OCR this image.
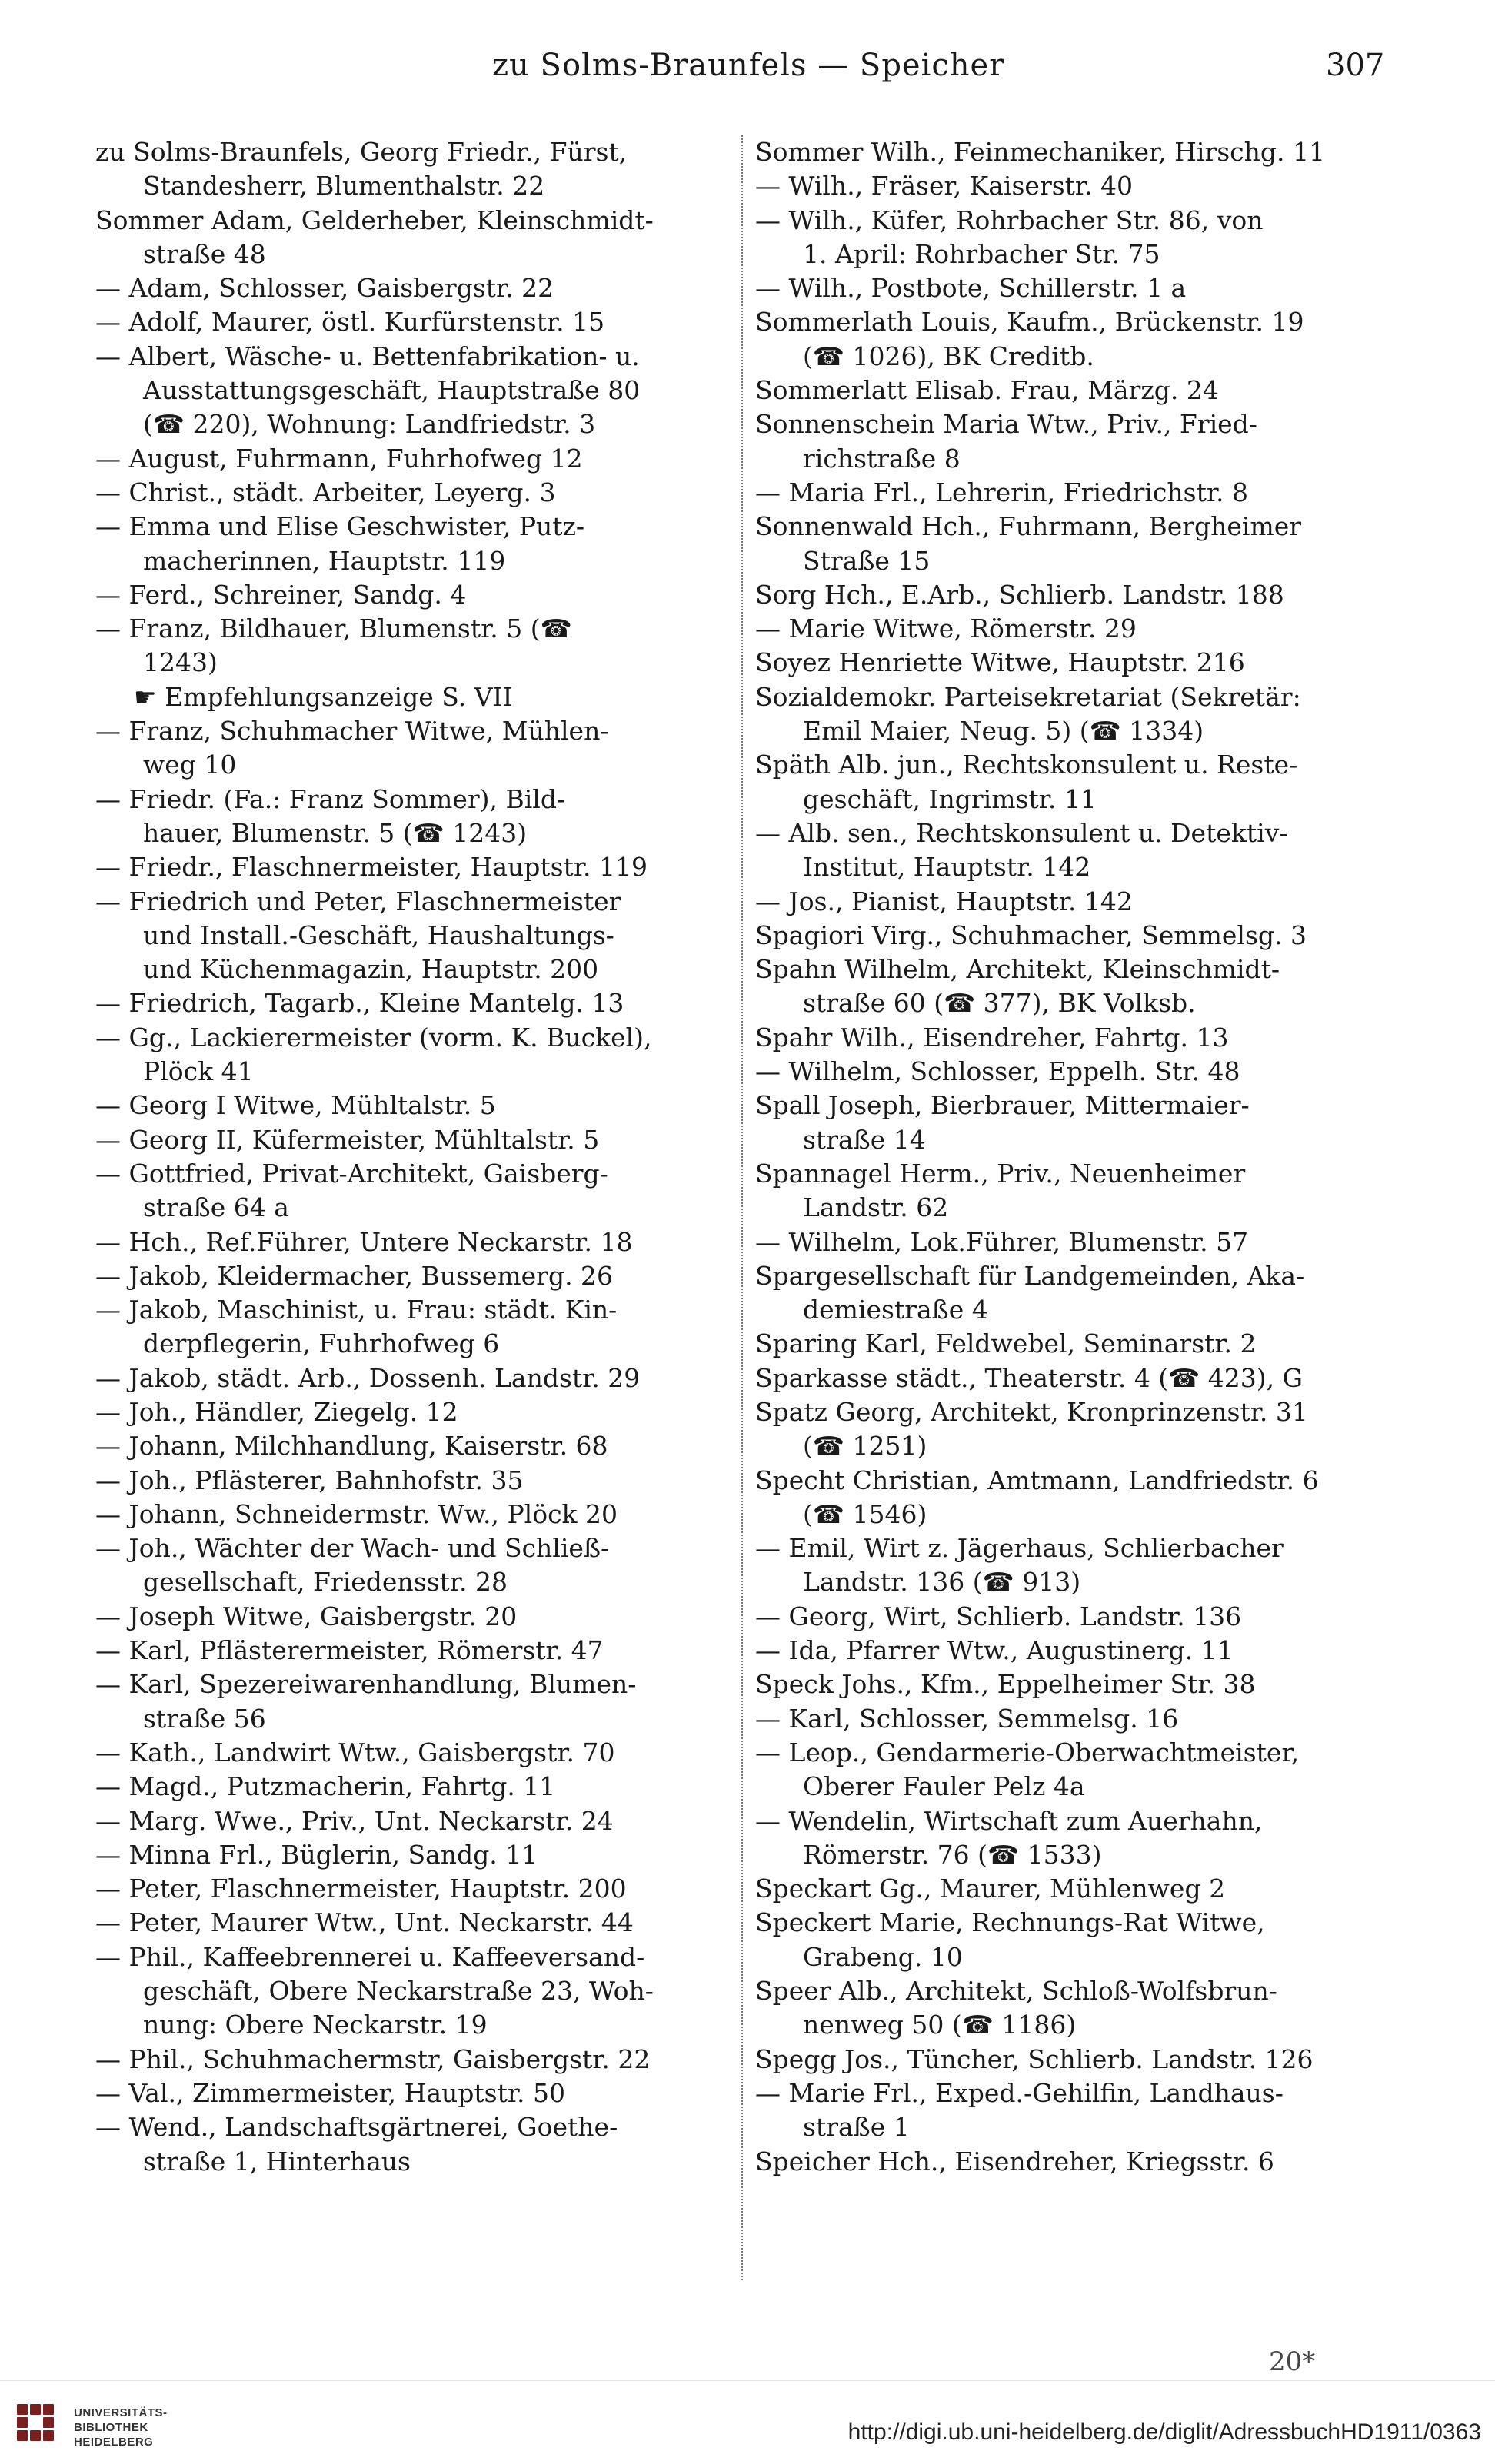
zu Solms-Braunfels — Speicher	307
zu Solms-Braunfels, Georg Friedr., Fürst,
Standesherr, Blumenthalstr. 22
Sommer Adam, Gelderheber, Kleinschmidt-
straße 48
— Adam, Schlosser, Gaisbergstr. 22
— Adolf, Maurer, östl. Kurfürstenstr. 15
— Albert, Wäsche- u. Bettenfabrikation- u.
Ausstattungsgeschäft, Hauptstraße 80
(☎ 220), Wohnung: Landfriedstr. 3
— August, Fuhrmann, Fuhrhofweg 12
— Christ., städt. Arbeiter, Leyerg. 3
— Emma und Elise Geschwister, Putz-
macherinnen, Hauptstr. 119
— Ferd., Schreiner, Sandg. 4
— Franz, Bildhauer, Blumenstr. 5 (☎
1243)
☛ Empfehlungsanzeige S. VII
— Franz, Schuhmacher Witwe, Mühlen-
weg 10
— Friedr. (Fa.: Franz Sommer), Bild-
hauer, Blumenstr. 5 (☎ 1243)
— Friedr., Flaschnermeister, Hauptstr. 119
— Friedrich und Peter, Flaschnermeister
und Install.-Geschäft, Haushaltungs-
und Küchenmagazin, Hauptstr. 200
— Friedrich, Tagarb., Kleine Mantelg. 13
— Gg., Lackierermeister (vorm. K. Buckel),
Plöck 41
— Georg I Witwe, Mühltalstr. 5
— Georg II, Küfermeister, Mühltalstr. 5
— Gottfried, Privat-Architekt, Gaisberg-
straße 64 a
— Hch., Ref.Führer, Untere Neckarstr. 18
— Jakob, Kleidermacher, Bussemerg. 26
— Jakob, Maschinist, u. Frau: städt. Kin-
derpflegerin, Fuhrhofweg 6
— Jakob, städt. Arb., Dossenh. Landstr. 29
— Joh., Händler, Ziegelg. 12
— Johann, Milchhandlung, Kaiserstr. 68
— Joh., Pflästerer, Bahnhofstr. 35
— Johann, Schneidermstr. Ww., Plöck 20
— Joh., Wächter der Wach- und Schließ-
gesellschaft, Friedensstr. 28
— Joseph Witwe, Gaisbergstr. 20
— Karl, Pflästerermeister, Römerstr. 47
— Karl, Spezereiwarenhandlung, Blumen-
straße 56
— Kath., Landwirt Wtw., Gaisbergstr. 70
— Magd., Putzmacherin, Fahrtg. 11
— Marg. Wwe., Priv., Unt. Neckarstr. 24
— Minna Frl., Büglerin, Sandg. 11
— Peter, Flaschnermeister, Hauptstr. 200
— Peter, Maurer Wtw., Unt. Neckarstr. 44
— Phil., Kaffeebrennerei u. Kaffeeversand-
geschäft, Obere Neckarstraße 23, Woh-
nung: Obere Neckarstr. 19
— Phil., Schuhmachermstr, Gaisbergstr. 22
— Val., Zimmermeister, Hauptstr. 50
— Wend., Landschaftsgärtnerei, Goethe-
straße 1, Hinterhaus
Sommer Wilh., Feinmechaniker, Hirschg. 11
— Wilh., Fräser, Kaiserstr. 40
— Wilh., Küfer, Rohrbacher Str. 86, von
1. April: Rohrbacher Str. 75
— Wilh., Postbote, Schillerstr. 1 a
Sommerlath Louis, Kaufm., Brückenstr. 19
(☎ 1026), BK Creditb.
Sommerlatt Elisab. Frau, Märzg. 24
Sonnenschein Maria Wtw., Priv., Fried-
richstraße 8
— Maria Frl., Lehrerin, Friedrichstr. 8
Sonnenwald Hch., Fuhrmann, Bergheimer
Straße 15
Sorg Hch., E.Arb., Schlierb. Landstr. 188
— Marie Witwe, Römerstr. 29
Soyez Henriette Witwe, Hauptstr. 216
Sozialdemokr. Parteisekretariat (Sekretär:
Emil Maier, Neug. 5) (☎ 1334)
Späth Alb. jun., Rechtskonsulent u. Reste-
geschäft, Ingrimstr. 11
— Alb. sen., Rechtskonsulent u. Detektiv-
Institut, Hauptstr. 142
— Jos., Pianist, Hauptstr. 142
Spagiori Virg., Schuhmacher, Semmelsg. 3
Spahn Wilhelm, Architekt, Kleinschmidt-
straße 60 (☎ 377), BK Volksb.
Spahr Wilh., Eisendreher, Fahrtg. 13
— Wilhelm, Schlosser, Eppelh. Str. 48
Spall Joseph, Bierbrauer, Mittermaier-
straße 14
Spannagel Herm., Priv., Neuenheimer
Landstr. 62
— Wilhelm, Lok.Führer, Blumenstr. 57
Spargesellschaft für Landgemeinden, Aka-
demiestraße 4
Sparing Karl, Feldwebel, Seminarstr. 2
Sparkasse städt., Theaterstr. 4 (☎ 423), G
Spatz Georg, Architekt, Kronprinzenstr. 31
(☎ 1251)
Specht Christian, Amtmann, Landfriedstr. 6
(☎ 1546)
— Emil, Wirt z. Jägerhaus, Schlierbacher
Landstr. 136 (☎ 913)
— Georg, Wirt, Schlierb. Landstr. 136
— Ida, Pfarrer Wtw., Augustinerg. 11
Speck Johs., Kfm., Eppelheimer Str. 38
— Karl, Schlosser, Semmelsg. 16
— Leop., Gendarmerie-Oberwachtmeister,
Oberer Fauler Pelz 4a
— Wendelin, Wirtschaft zum Auerhahn,
Römerstr. 76 (☎ 1533)
Speckart Gg., Maurer, Mühlenweg 2
Speckert Marie, Rechnungs-Rat Witwe,
Grabeng. 10
Speer Alb., Architekt, Schloß-Wolfsbrun-
nenweg 50 (☎ 1186)
Spegg Jos., Tüncher, Schlierb. Landstr. 126
— Marie Frl., Exped.-Gehilfin, Landhaus-
straße 1
Speicher Hch., Eisendreher, Kriegsstr. 6
20*
UNIVERSITÄTS-
BIBLIOTHEK
HEIDELBERG	http://digi.ub.uni-heidelberg.de/diglit/AdressbuchHD1911/0363
